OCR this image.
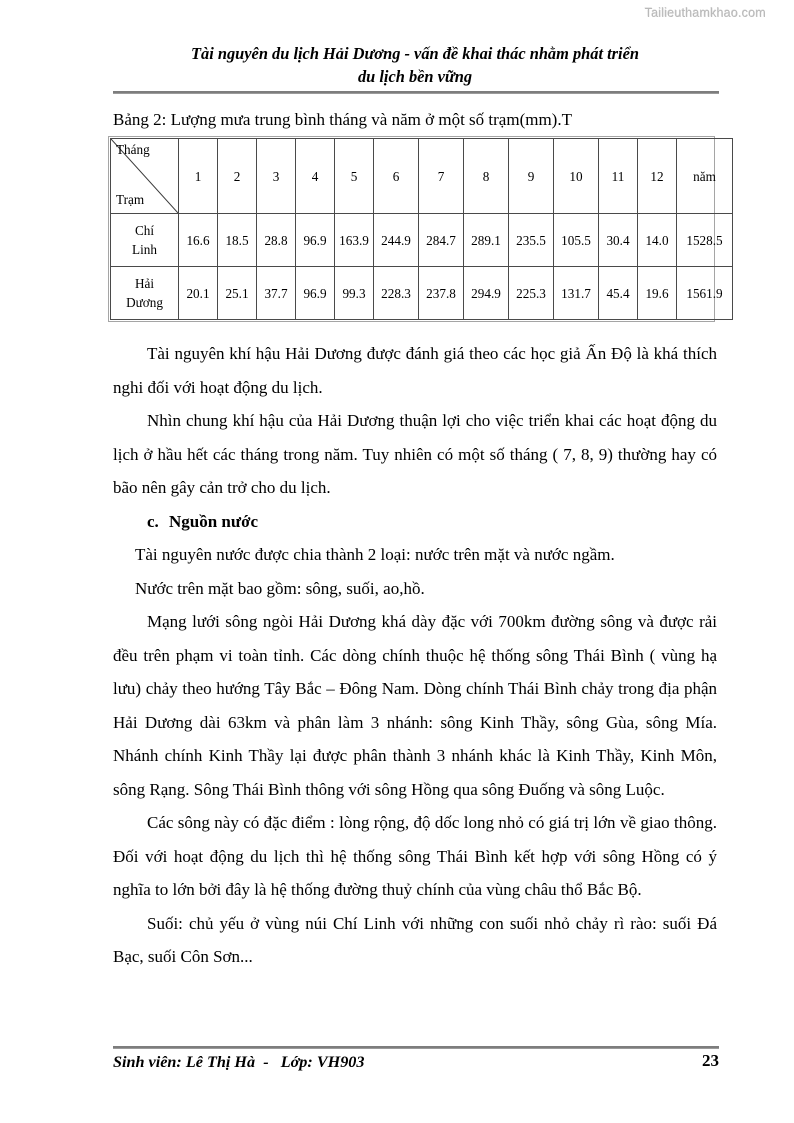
Tailieuthamkhao.com
Tài nguyên du lịch Hải Dương - vấn đề khai thác nhằm phát triển
du lịch bền vững
Bảng 2: Lượng mưa trung bình tháng và năm ở một số trạm(mm).T
Tháng
Trạm	1	2	3	4	5	6	7	8	9	10	11	12	năm

Chí
Linh	16.6	18.5	28.8	96.9	163.9	244.9	284.7	289.1	235.5	105.5	30.4	14.0	1528.5

Hải
Dương	20.1	25.1	37.7	96.9	99.3	228.3	237.8	294.9	225.3	131.7	45.4	19.6	1561.9

Tài nguyên khí hậu Hải Dương được đánh giá theo các học giả Ấn Độ là khá thích nghi đối với hoạt động du lịch.

Nhìn chung khí hậu của Hải Dương thuận lợi cho việc triển khai các hoạt động du lịch ở hầu hết các tháng trong năm. Tuy nhiên có một số tháng ( 7, 8, 9) thường hay có bão nên gây cản trở cho du lịch.

c. Nguồn nước

Tài nguyên nước được chia thành 2 loại: nước trên mặt và nước ngầm.

Nước trên mặt bao gồm: sông, suối, ao,hồ.

Mạng lưới sông ngòi Hải Dương khá dày đặc với 700km đường sông và được rải đều trên phạm vi toàn tỉnh. Các dòng chính thuộc hệ thống sông Thái Bình ( vùng hạ lưu) chảy theo hướng Tây Bắc – Đông Nam. Dòng chính Thái Bình chảy trong địa phận Hải Dương dài 63km và phân làm 3 nhánh: sông Kinh Thầy, sông Gùa, sông Mía. Nhánh chính Kinh Thầy lại được phân thành 3 nhánh khác là Kinh Thầy, Kinh Môn, sông Rạng. Sông Thái Bình thông với sông Hồng qua sông Đuống và sông Luộc.

Các sông này có đặc điểm : lòng rộng, độ dốc long nhỏ có giá trị lớn về giao thông. Đối với hoạt động du lịch thì hệ thống sông Thái Bình kết hợp với sông Hồng có ý nghĩa to lớn bởi đây là hệ thống đường thuỷ chính của vùng châu thổ Bắc Bộ.

Suối: chủ yếu ở vùng núi Chí Linh với những con suối nhỏ chảy rì rào: suối Đá Bạc, suối Côn Sơn...

Sinh viên: Lê Thị Hà  -   Lớp: VH903	23
